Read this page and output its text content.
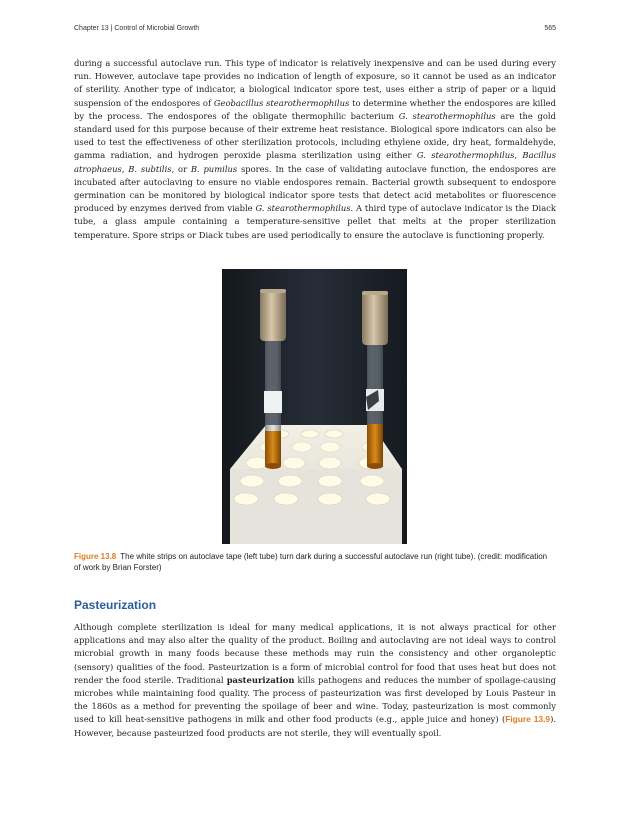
Chapter 13 | Control of Microbial Growth	565

during a successful autoclave run. This type of indicator is relatively inexpensive and can be used during every run. However, autoclave tape provides no indication of length of exposure, so it cannot be used as an indicator of sterility. Another type of indicator, a biological indicator spore test, uses either a strip of paper or a liquid suspension of the endospores of Geobacillus stearothermophilus to determine whether the endospores are killed by the process. The endospores of the obligate thermophilic bacterium G. stearothermophilus are the gold standard used for this purpose because of their extreme heat resistance. Biological spore indicators can also be used to test the effectiveness of other sterilization protocols, including ethylene oxide, dry heat, formaldehyde, gamma radiation, and hydrogen peroxide plasma sterilization using either G. stearothermophilus, Bacillus atrophaeus, B. subtilis, or B. pumilus spores. In the case of validating autoclave function, the endospores are incubated after autoclaving to ensure no viable endospores remain. Bacterial growth subsequent to endospore germination can be monitored by biological indicator spore tests that detect acid metabolites or fluorescence produced by enzymes derived from viable G. stearothermophilus. A third type of autoclave indicator is the Diack tube, a glass ampule containing a temperature-sensitive pellet that melts at the proper sterilization temperature. Spore strips or Diack tubes are used periodically to ensure the autoclave is functioning properly.

Figure 13.8 The white strips on autoclave tape (left tube) turn dark during a successful autoclave run (right tube). (credit: modification of work by Brian Forster)

Pasteurization

Although complete sterilization is ideal for many medical applications, it is not always practical for other applications and may also alter the quality of the product. Boiling and autoclaving are not ideal ways to control microbial growth in many foods because these methods may ruin the consistency and other organoleptic (sensory) qualities of the food. Pasteurization is a form of microbial control for food that uses heat but does not render the food sterile. Traditional pasteurization kills pathogens and reduces the number of spoilage-causing microbes while maintaining food quality. The process of pasteurization was first developed by Louis Pasteur in the 1860s as a method for preventing the spoilage of beer and wine. Today, pasteurization is most commonly used to kill heat-sensitive pathogens in milk and other food products (e.g., apple juice and honey) (Figure 13.9). However, because pasteurized food products are not sterile, they will eventually spoil.
